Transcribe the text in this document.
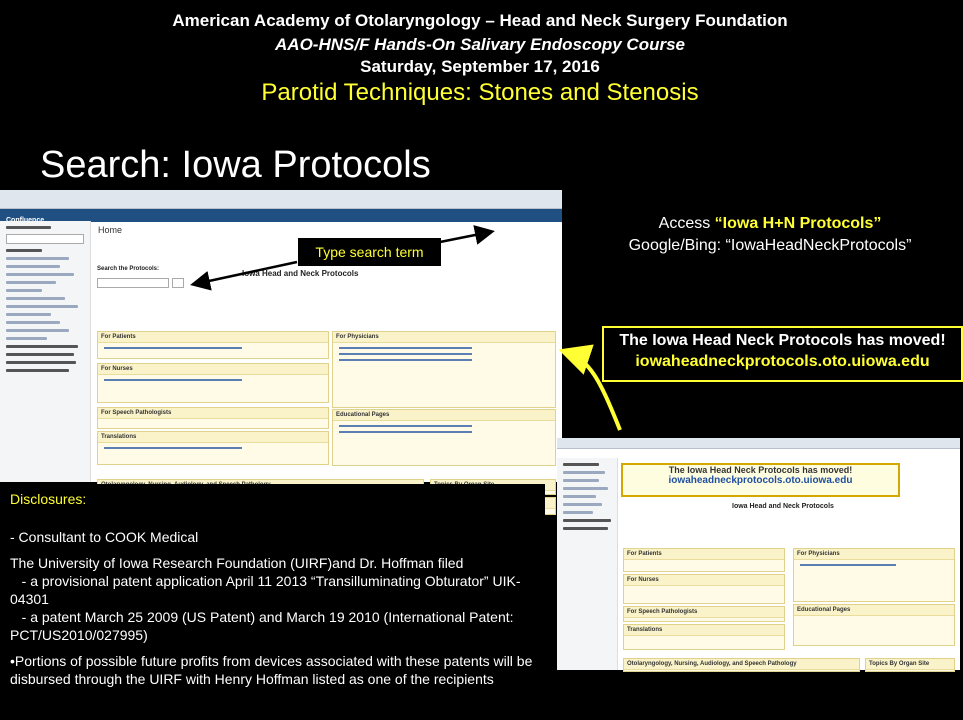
American Academy of Otolaryngology – Head and Neck Surgery Foundation
AAO-HNS/F Hands-On Salivary Endoscopy Course
Saturday, September 17, 2016
Parotid Techniques: Stones and Stenosis
Search: Iowa Protocols
Home
Search the Protocols:	Iowa Head and Neck Protocols
For Patients	For Physicians
For Nurses
Educational Pages
For Speech Pathologists
Translations
Type search term
Access “Iowa H+N Protocols”
Google/Bing: “IowaHeadNeckProtocols”
The Iowa Head Neck Protocols has moved!
iowaheadneckprotocols.oto.uiowa.edu
The Iowa Head Neck Protocols has moved!
iowaheadneckprotocols.oto.uiowa.edu
Iowa Head and Neck Protocols
For Patients	For Physicians
For Nurses
Educational Pages
For Speech Pathologists
Translations
Otolaryngology, Nursing, Audiology, and Speech Pathology	Topics By Organ Site
Disclosures:

- Consultant to COOK Medical

The University of Iowa Research Foundation (UIRF)and Dr. Hoffman filed

- a provisional patent application April 11 2013 “Transilluminating Obturator” UIK-04301

- a patent March 25 2009 (US Patent) and March 19 2010 (International Patent: PCT/US2010/027995)

•Portions of possible future profits from devices associated with these patents will be disbursed through the UIRF with Henry Hoffman listed as one of the recipients
